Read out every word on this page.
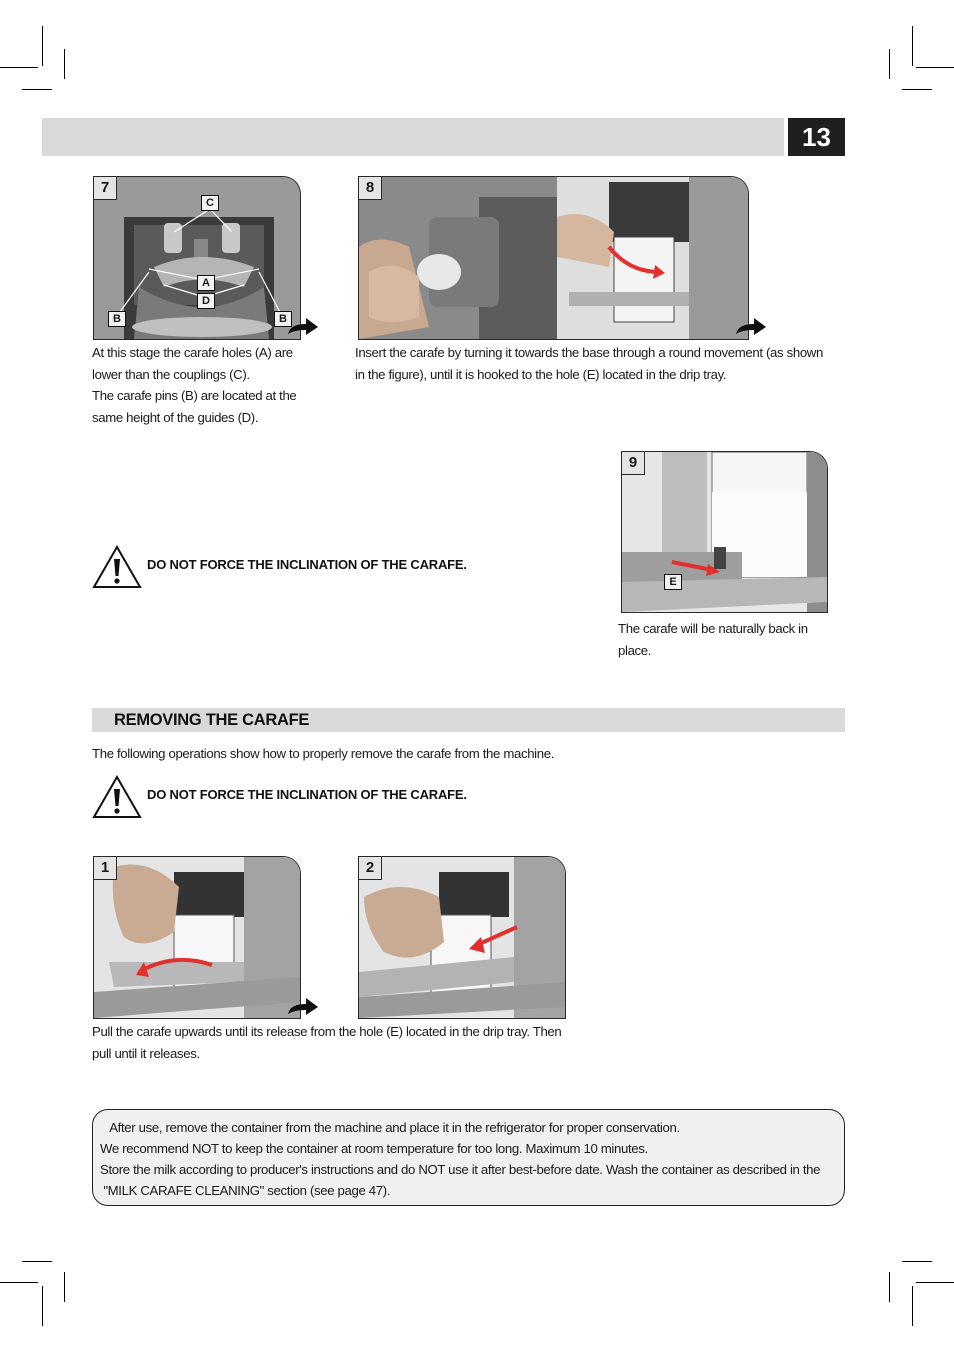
13
7
C
A
D
B	B
8
At this stage the carafe holes (A) are
lower than the couplings (C).
The carafe pins (B) are located at the
same height of the guides (D).
Insert the carafe by turning it towards the base through a round movement (as shown
in the figure), until it is hooked to the hole (E) located in the drip tray.
9
E
The carafe will be naturally back in
place.
DO NOT FORCE THE INCLINATION OF THE CARAFE.
REMOVING THE CARAFE
The following operations show how to properly remove the carafe from the machine.
DO NOT FORCE THE INCLINATION OF THE CARAFE.
1	2
Pull the carafe upwards until its release from the hole (E) located in the drip tray. Then
pull until it releases.
After use, remove the container from the machine and place it in the refrigerator for proper conservation.
We recommend NOT to keep the container at room temperature for too long. Maximum 10 minutes.
Store the milk according to producer's instructions and do NOT use it after best-before date. Wash the container as described in the
"MILK CARAFE CLEANING" section (see page 47).
